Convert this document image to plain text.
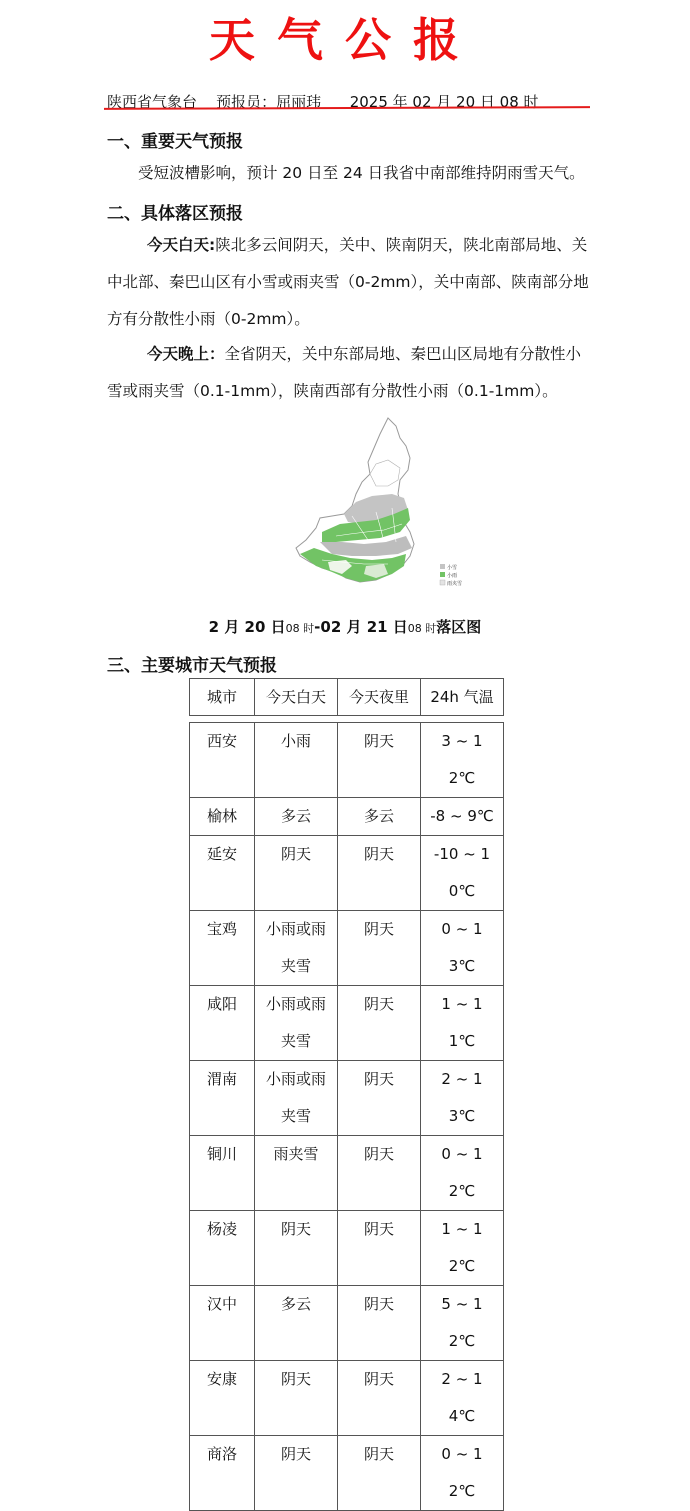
天气公报
陕西省气象台 预报员：屈丽玮 2025 年 02 月 20 日 08 时
一、重要天气预报
受短波槽影响，预计 20 日至 24 日我省中南部维持阴雨雪天气。
二、具体落区预报
今天白天:陕北多云间阴天，关中、陕南阴天，陕北南部局地、关中北部、秦巴山区有小雪或雨夹雪（0-2mm），关中南部、陕南部分地方有分散性小雨（0-2mm）。
今天晚上：全省阴天，关中东部局地、秦巴山区局地有分散性小雪或雨夹雪（0.1-1mm），陕南西部有分散性小雨（0.1-1mm）。
小雪
小雨
雨夹雪
2 月 20 日08 时-02 月 21 日08 时落区图
三、主要城市天气预报
城市	今天白天	今天夜里	24h 气温

西安	小雨	阴天	3 ~ 12℃

榆林	多云	多云	-8 ~ 9℃

延安	阴天	阴天	-10 ~ 10℃

宝鸡	小雨或雨夹雪	阴天	0 ~ 13℃

咸阳	小雨或雨夹雪	阴天	1 ~ 11℃

渭南	小雨或雨夹雪	阴天	2 ~ 13℃

铜川	雨夹雪	阴天	0 ~ 12℃

杨凌	阴天	阴天	1 ~ 12℃

汉中	多云	阴天	5 ~ 12℃

安康	阴天	阴天	2 ~ 14℃

商洛	阴天	阴天	0 ~ 12℃
